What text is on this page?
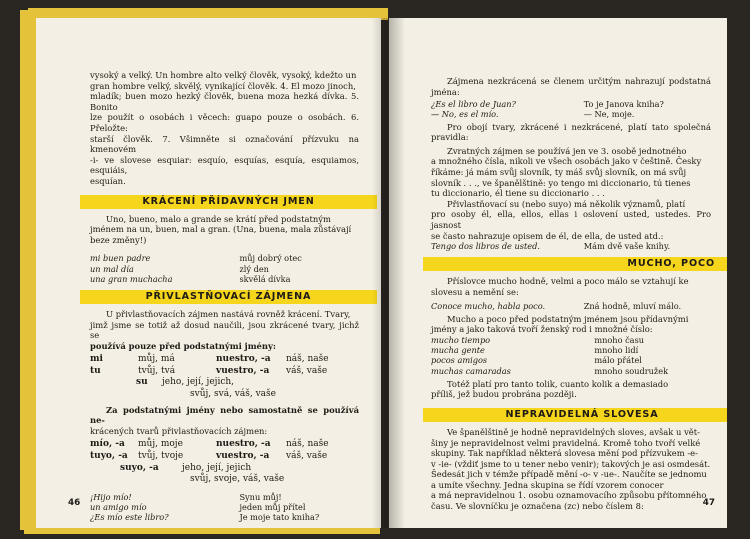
vysoký a velký. Un hombre alto velký člověk, vysoký, kdežto un

gran hombre velký, skvělý, vynikající člověk. 4. El mozo jinoch,

mladík; buen mozo hezký člověk, buena moza hezká dívka. 5. Bonito

lze použít o osobách i věcech: guapo pouze o osobách. 6. Přeložte:

starší člověk. 7. Všimněte si označování přízvuku na kmenovém

-i- ve slovese esquiar: esquío, esquías, esquía, esquiamos, esquiáis,

esquían.

KRÁCENÍ PŘÍDAVNÝCH JMEN

Uno, bueno, malo a grande se krátí před podstatným

jménem na un, buen, mal a gran. (Una, buena, mala zůstávají

beze změny!)

mi buen padre	můj dobrý otec
un mal día	zlý den
una gran muchacha	skvělá dívka
PŘIVLASTŇOVACÍ ZÁJMENA

U přivlastňovacích zájmen nastává rovněž krácení. Tvary,

jimž jsme se totiž až dosud naučili, jsou zkrácené tvary, jichž se

používá pouze před podstatnými jmény:

mi	můj, má	nuestro, -a	náš, naše
tu	tvůj, tvá	vuestro, -a	váš, vaše
su	jeho, její, jejich,
svůj, svá, váš, vaše

Za podstatnými jmény nebo samostatně se používá ne-

krácených tvarů přivlastňovacích zájmen:

mío, -a	můj, moje	nuestro, -a	náš, naše
tuyo, -a	tvůj, tvoje	vuestro, -a	váš, vaše
suyo, -a	jeho, její, jejich
svůj, svoje, váš, vaše
¡Hijo mío!	Synu můj!
un amigo mío	jeden můj přítel
¿Es mío este libro?	Je moje tato kniha?
46

Zájmena nezkrácená se členem určitým nahrazují podstatná jména:

¿Es el libro de Juan?	To je Janova kniha?
— No, es el mío.	— Ne, moje.

Pro obojí tvary, zkrácené i nezkrácené, platí tato společná pravidla:

Zvratných zájmen se používá jen ve 3. osobě jednotného

a množného čísla, nikoli ve všech osobách jako v češtině. Česky

říkáme: já mám svůj slovník, ty máš svůj slovník, on má svůj

slovník . . ., ve španělštině: yo tengo mi diccionario, tú tienes

tu diccionario, él tiene su diccionario . . .

Přivlastňovací su (nebo suyo) má několik významů, platí

pro osoby él, ella, ellos, ellas i oslovení usted, ustedes. Pro jasnost

se často nahrazuje opisem de él, de ella, de usted atd.:

Tengo dos libros de usted.	Mám dvě vaše knihy.
MUCHO, POCO

Příslovce mucho hodně, velmi a poco málo se vztahují ke

slovesu a nemění se:

Conoce mucho, habla poco.	Zná hodně, mluví málo.

Mucho a poco před podstatným jménem jsou přídavnými

jmény a jako taková tvoří ženský rod i množné číslo:

mucho tiempo	mnoho času
mucha gente	mnoho lidí
pocos amigos	málo přátel
muchas camaradas	mnoho soudružek

Totéž platí pro tanto tolik, cuanto kolik a demasiado

příliš, jež budou probrána později.

NEPRAVIDELNÁ SLOVESA

Ve španělštině je hodně nepravidelných sloves, avšak u vět-

šiny je nepravidelnost velmi pravidelná. Kromě toho tvoří velké

skupiny. Tak například některá slovesa mění pod přízvukem -e-

v -ie- (vždiť jsme to u tener nebo venir); takových je asi osmdesát.

Šedesát jich v témže případě mění -o- v -ue-. Naučíte se jednomu

a umíte všechny. Jedna skupina se řídí vzorem conocer

a má nepravidelnou 1. osobu oznamovacího způsobu přítomného

času. Ve slovníčku je označena (zc) nebo číslem 8:	47
